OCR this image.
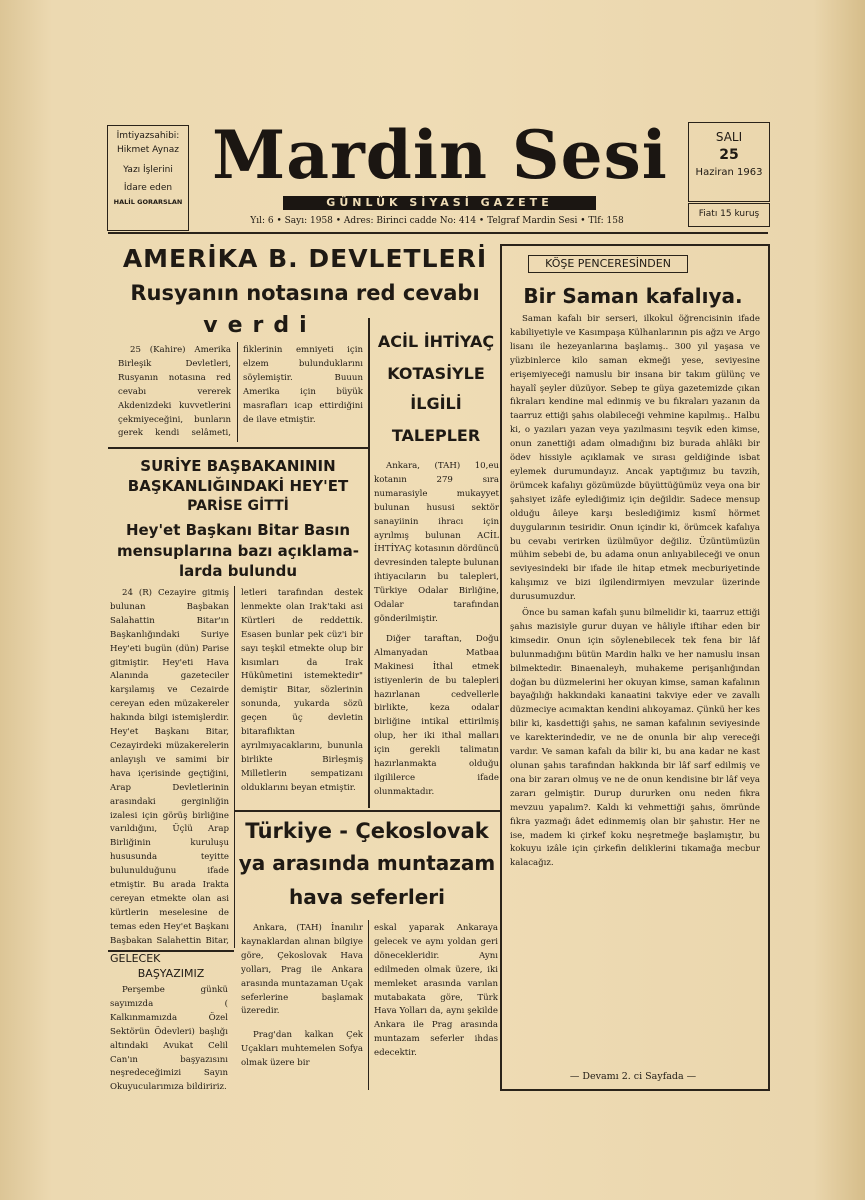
İmtiyazsahibi:
Hikmet Aynaz
Yazı İşlerini
İdare eden
HALİL GORARSLAN
Mardin Sesi
GÜNLÜK SİYASİ GAZETE
Yıl: 6 • Sayı: 1958 • Adres: Birinci cadde No: 414 • Telgraf Mardin Sesi • Tlf: 158
SALI
25
Haziran 1963
Fiatı 15 kuruş
AMERİKA B. DEVLETLERİ
Rusyanın notasına red cevabı
verdi

25 (Kahire) Amerika Birleşik Devletleri, Rusyanın notasına red cevabı vererek Akdenizdeki kuvvetlerini çekmiyeceğini, bunların gerek kendi selâmeti,

fiklerinin emniyeti için elzem bulunduklarını söylemiştir. Buuun Amerika için büyük masrafları icap ettirdiğini de ilave etmiştir.

ACİL İHTİYAÇ
KOTASİYLE
İLGİLİ
TALEPLER

Ankara, (TAH) 10,eu kotanın 279 sıra numarasiyle mukayyet bulunan hususi sektör sanayiinin ihracı için ayrılmış bulunan ACİL İHTİYAÇ kotasının dördüncü devresinden talepte bulunan ihtiyacıların bu talepleri, Türkiye Odalar Birliğine, Odalar tarafından gönderilmiştir.

Diğer taraftan, Doğu Almanyadan Matbaa Makinesi İthal etmek istiyenlerin de bu talepleri hazırlanan cedvellerle birlikte, keza odalar birliğine intikal ettirilmiş olup, her iki ithal malları için gerekli talimatın hazırlanmakta olduğu ilgililerce ifade olunmaktadır.

SURİYE BAŞBAKANININ
BAŞKANLIĞINDAKİ HEY'ET
PARİSE GİTTİ
Hey'et Başkanı Bitar Basın
mensuplarına bazı açıklama-
larda bulundu

24 (R) Cezayire gitmiş bulunan Başbakan Salahattin Bitar'ın Başkanlığındaki Suriye Hey'eti bugün (dün) Parise gitmiştir. Hey'eti Hava Alanında gazeteciler karşılamış ve Cezairde cereyan eden müzakereler hakında bilgi istemişlerdir. Hey'et Başkanı Bitar, Cezayirdeki müzakerelerin anlayışlı ve samimi bir hava içerisinde geçtiğini, Arap Devletlerinin arasındaki gerginliğin izalesi için görüş birliğine varıldığını, Üçlü Arap Birliğinin kuruluşu hususunda teyitte bulunulduğunu ifade etmiştir. Bu arada Irakta cereyan etmekte olan asi kürtlerin meselesine de temas eden Hey'et Başkanı Başbakan Salahettin Bitar,

letleri tarafından destek lenmekte olan Irak'taki asi Kürtleri de reddettik. Esasen bunlar pek cüz'i bir sayı teşkil etmekte olup bir kısımları da Irak Hükûmetini istemektedir" demiştir Bitar, sözlerinin sonunda, yukarda sözü geçen üç devletin bitaraflıktan ayrılmıyacaklarını, bununla birlikte Birleşmiş Milletlerin sempatizanı olduklarını beyan etmiştir.

Türkiye - Çekoslovak
ya arasında muntazam
hava seferleri

Ankara, (TAH) İnanılır kaynaklardan alınan bilgiye göre, Çekoslovak Hava yolları, Prag ile Ankara arasında muntazaman Uçak seferlerine başlamak üzeredir.

Prag'dan kalkan Çek Uçakları muhtemelen Sofya olmak üzere bir

eskal yaparak Ankaraya gelecek ve aynı yoldan geri dönecekleridir. Aynı edilmeden olmak üzere, iki memleket arasında varılan mutabakata göre, Türk Hava Yolları da, aynı şekilde Ankara ile Prag arasında muntazam seferler ihdas edecektir.

GELECEK
BAŞYAZIMIZ

Perşembe günkü sayımızda ( Kalkınmamızda Özel Sektörün Ödevleri) başlığı altındaki Avukat Celil Can'ın başyazısını neşredeceğimizi Sayın Okuyucularımıza bildiririz.

KÖŞE PENCERESİNDEN
Bir Saman kafalıya.

Saman kafalı bir serseri, ilkokul öğrencisinin ifade kabiliyetiyle ve Kasımpaşa Külhanlarının pis ağzı ve Argo lisanı ile hezeyanlarına başlamış.. 300 yıl yaşasa ve yüzbinlerce kilo saman ekmeği yese, seviyesine erişemiyeceği namuslu bir insana bir takım gülünç ve hayalî şeyler düzüyor. Sebep te güya gazetemizde çıkan fıkraları kendine mal edinmiş ve bu fıkraları yazanın da taarruz ettiği şahıs olabileceği vehmine kapılmış.. Halbu ki, o yazıları yazan veya yazılmasını teşvik eden kimse, onun zanettiği adam olmadığını biz burada ahlâki bir ödev hissiyle açıklamak ve sırası geldiğinde isbat eylemek durumundayız. Ancak yaptığımız bu tavzih, örümcek kafalıyı gözümüzde büyüttüğümüz veya ona bir şahsiyet izâfe eylediğimiz için değildir. Sadece mensup olduğu âileye karşı beslediğimiz kısmî hörmet duygularının tesiridir. Onun içindir ki, örümcek kafalıya bu cevabı verirken üzülmüyor değiliz. Üzüntümüzün mühim sebebi de, bu adama onun anlıyabileceği ve onun seviyesindeki bir ifade ile hitap etmek mecburiyetinde kalışımız ve bizi ilgilendirmiyen mevzular üzerinde durusumuzdur.

Önce bu saman kafalı şunu bilmelidir ki, taarruz ettiği şahıs mazisiyle gurur duyan ve hâliyle iftihar eden bir kimsedir. Onun için söylenebilecek tek fena bir lâf bulunmadığını bütün Mardin halkı ve her namuslu insan bilmektedir. Binaenaleyh, muhakeme perişanlığından doğan bu düzmelerini her okuyan kimse, saman kafalının bayağılığı hakkındaki kanaatini takviye eder ve zavallı düzmeciye acımaktan kendini alıkoyamaz. Çünkü her kes bilir ki, kasdettiği şahıs, ne saman kafalının seviyesinde ve karekterindedir, ve ne de onunla bir alıp vereceği vardır. Ve saman kafalı da bilir ki, bu ana kadar ne kast olunan şahıs tarafından hakkında bir lâf sarf edilmiş ve ona bir zararı olmuş ve ne de onun kendisine bir lâf veya zararı gelmiştir. Durup dururken onu neden fıkra mevzuu yapalım?. Kaldı ki vehmettiği şahıs, ömründe fıkra yazmağı âdet edinmemiş olan bir şahıstır. Her ne ise, madem ki çirkef koku neşretmeğe başlamıştır, bu kokuyu izâle için çirkefin deliklerini tıkamağa mecbur kalacağız.

— Devamı 2. ci Sayfada —
